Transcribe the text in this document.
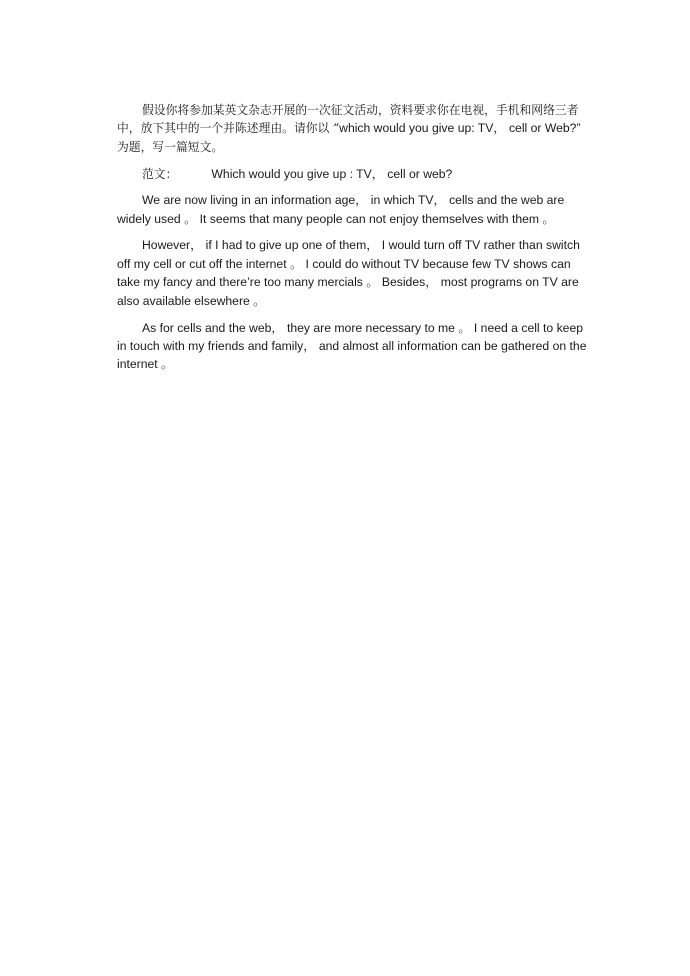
假设你将参加某英文杂志开展的一次征文活动，资料要求你在电视，手机和网络三者中，放下其中的一个并陈述理由。请你以 “which would you give up: TV， cell or Web?” 为题，写一篇短文。

范文：	Which would you give up : TV， cell or web?

We are now living in an information age， in which TV， cells and the web are widely used 。 It seems that many people can not enjoy themselves with them 。

However， if I had to give up one of them， I would turn off TV rather than switch off my cell or cut off the internet 。 I could do without TV because few TV shows can take my fancy and there’re too many mercials 。 Besides， most programs on TV are also available elsewhere 。

As for cells and the web， they are more necessary to me 。 I need a cell to keep in touch with my friends and family， and almost all information can be gathered on the internet 。
